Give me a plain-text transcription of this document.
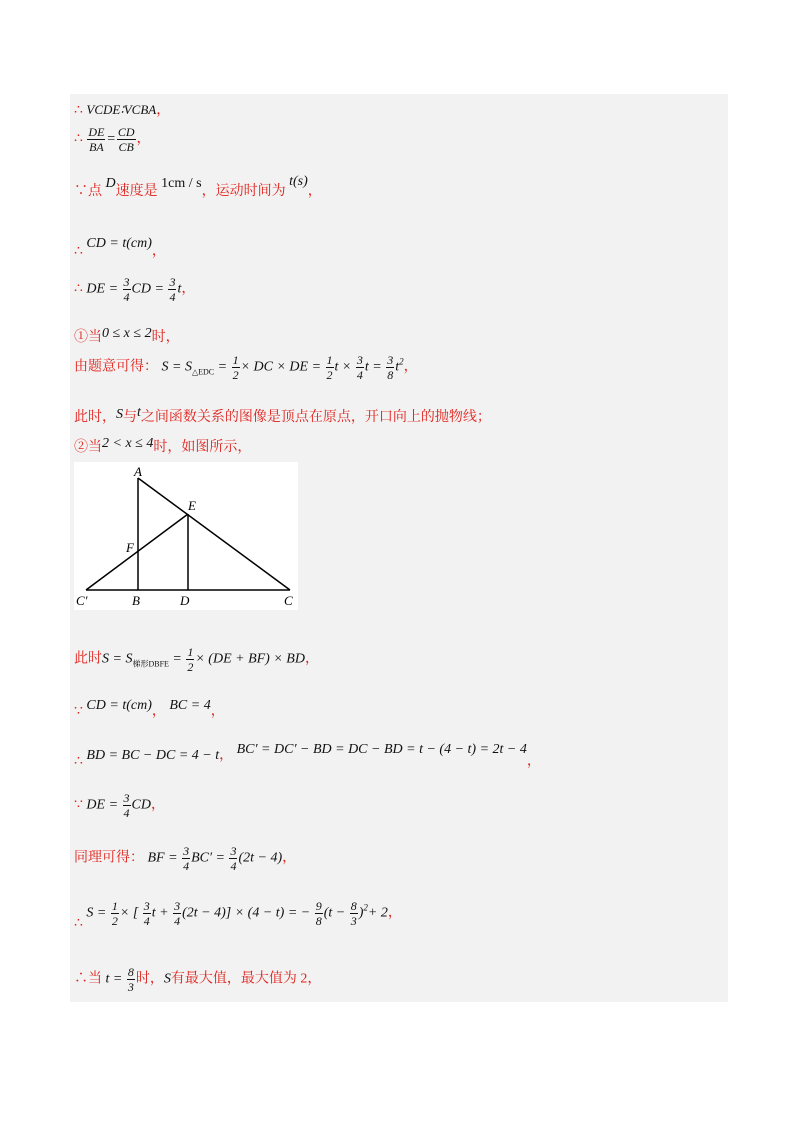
∴ VCDE∶VCBA，
∴ $\frac{DE}{BA} = \frac{CD}{CB}$ ，
∵点 D速度是 1cm / s，运动时间为 t(s)，
∴ CD = t(cm)，
∴ DE = $\frac{3}{4}$ CD = $\frac{3}{4}$ t，
①当0 ≤ x ≤ 2时，
由题意可得： $S = S_{\triangle EDC} = \frac{1}{2}$ × DC × DE = $\frac{1}{2}$ $t \times \frac{3}{4}$ $t = \frac{3}{8} t^2$，
此时，S与t之间函数关系的图像是顶点在原点，开口向上的抛物线；
②当2 < x ≤ 4时，如图所示，
A
E
F
C′	B	D	C
此时$S = S_{梯形DBFE} = \frac{1}{2} \times (DE + BF)$ × BD，
∵ CD = t(cm)， BC = 4，
∴ BD = BC − DC = 4 − t， BC′ = DC′ − BD = DC − BD = t − (4 − t) = 2t − 4，
∵ DE = $\frac{3}{4}$ CD，
同理可得： BF = $\frac{3}{4} BC' = \frac{3}{4} (2t - 4)$，
∴ $S = \frac{1}{2}$ × [ $\frac{3}{4}$ $t + \frac{3}{4} (2t - 4)] \times (4 - t)$ = − $\frac{9}{8} (t - \frac{8}{3} )^2+ 2$，
∴当 $t = \frac{8}{3}$ 时，S有最大值，最大值为 2，
